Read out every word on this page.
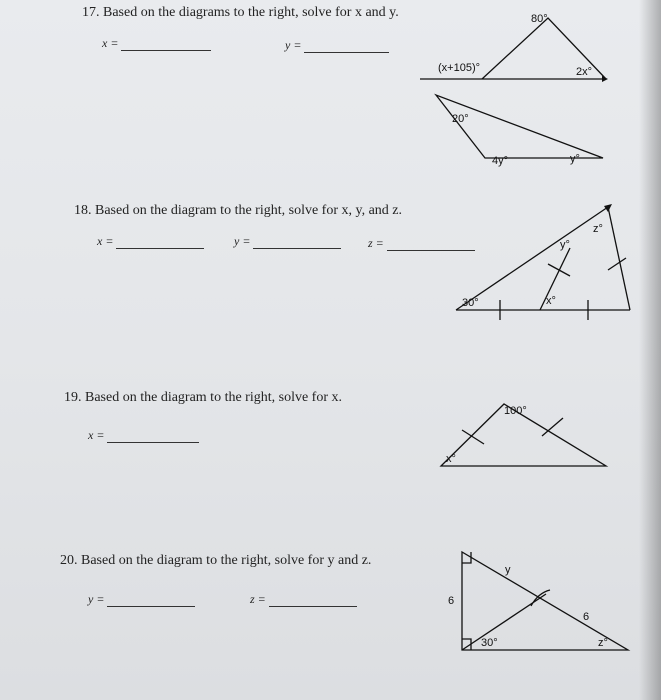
17. Based on the diagrams to the right, solve for x and y.
x =	y =
18. Based on the diagram to the right, solve for x, y, and z.
x =	y =	z =
19. Based on the diagram to the right, solve for x.
x =
20. Based on the diagram to the right, solve for y and z.
y =	z =
80°
(x+105)°	2x°
20°
4y°	y°
30°	x°
y°
z°
100°
x°
6
y
6
30°	z°
